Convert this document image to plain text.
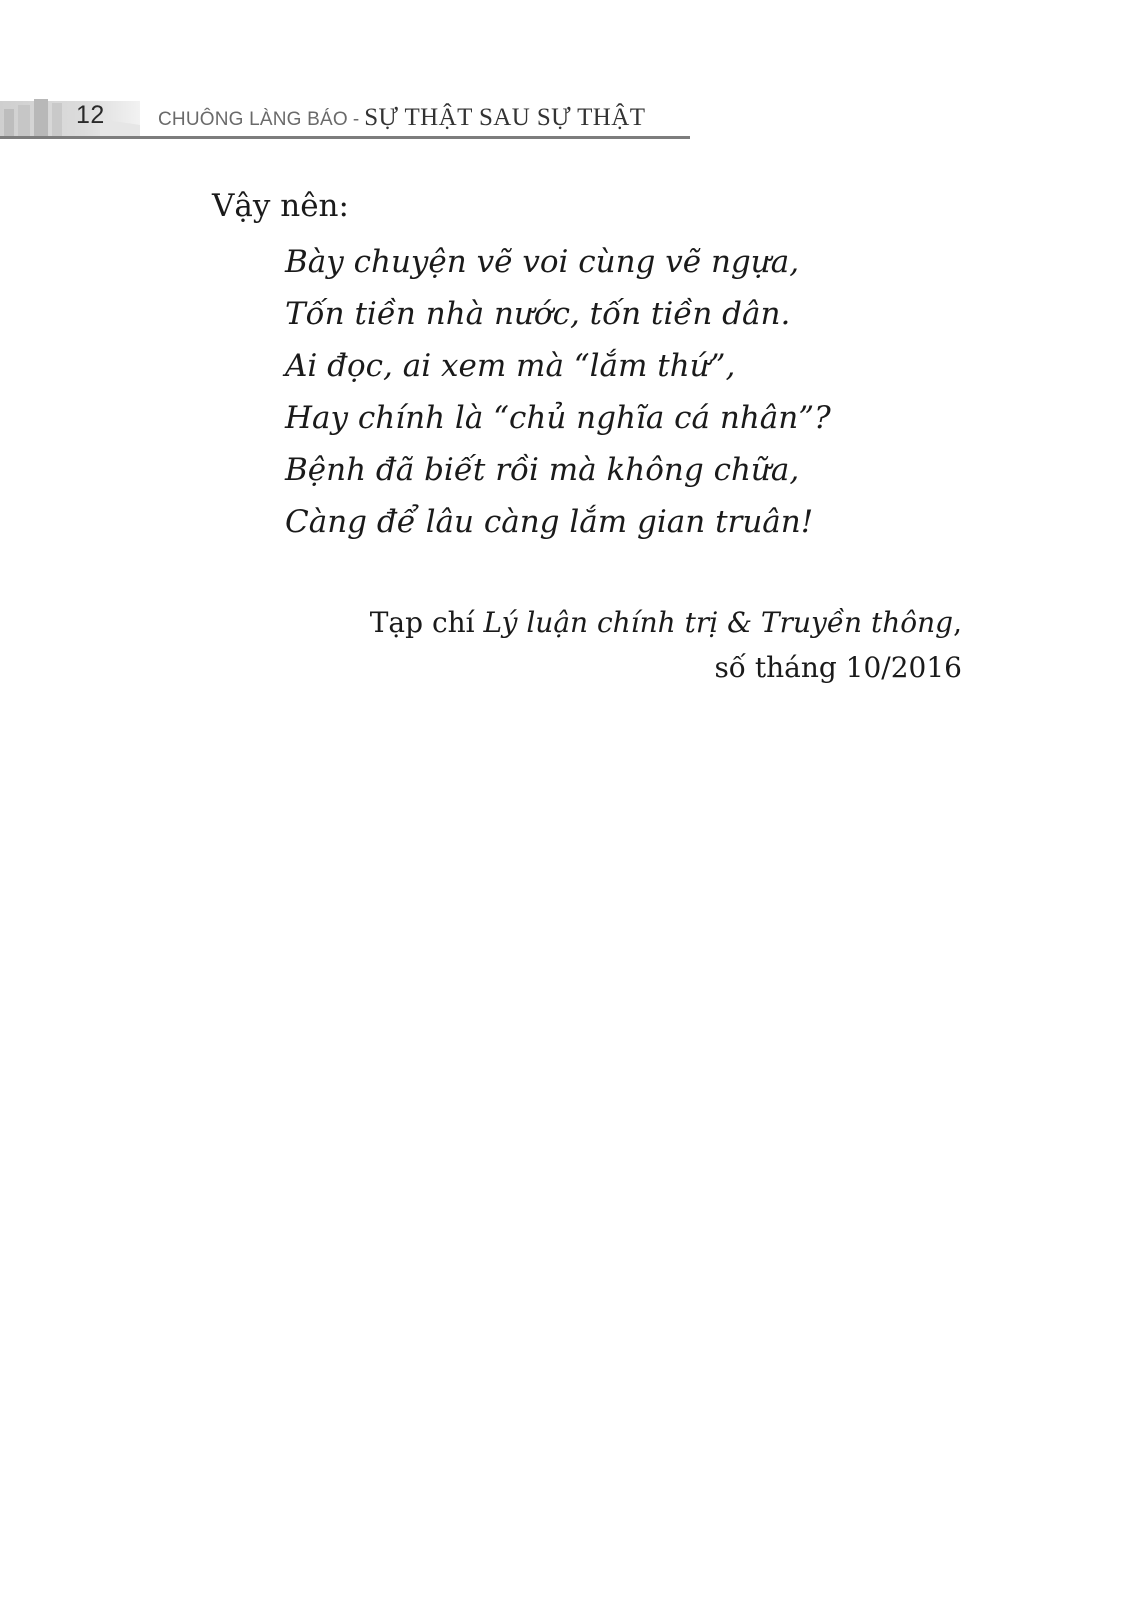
12	CHUÔNG LÀNG BÁO - SỰ THẬT SAU SỰ THẬT
Vậy nên:
Bày chuyện vẽ voi cùng vẽ ngựa,
Tốn tiền nhà nước, tốn tiền dân.
Ai đọc, ai xem mà “lắm thứ”,
Hay chính là “chủ nghĩa cá nhân”?
Bệnh đã biết rồi mà không chữa,
Càng để lâu càng lắm gian truân!
Tạp chí Lý luận chính trị & Truyền thông,
số tháng 10/2016
